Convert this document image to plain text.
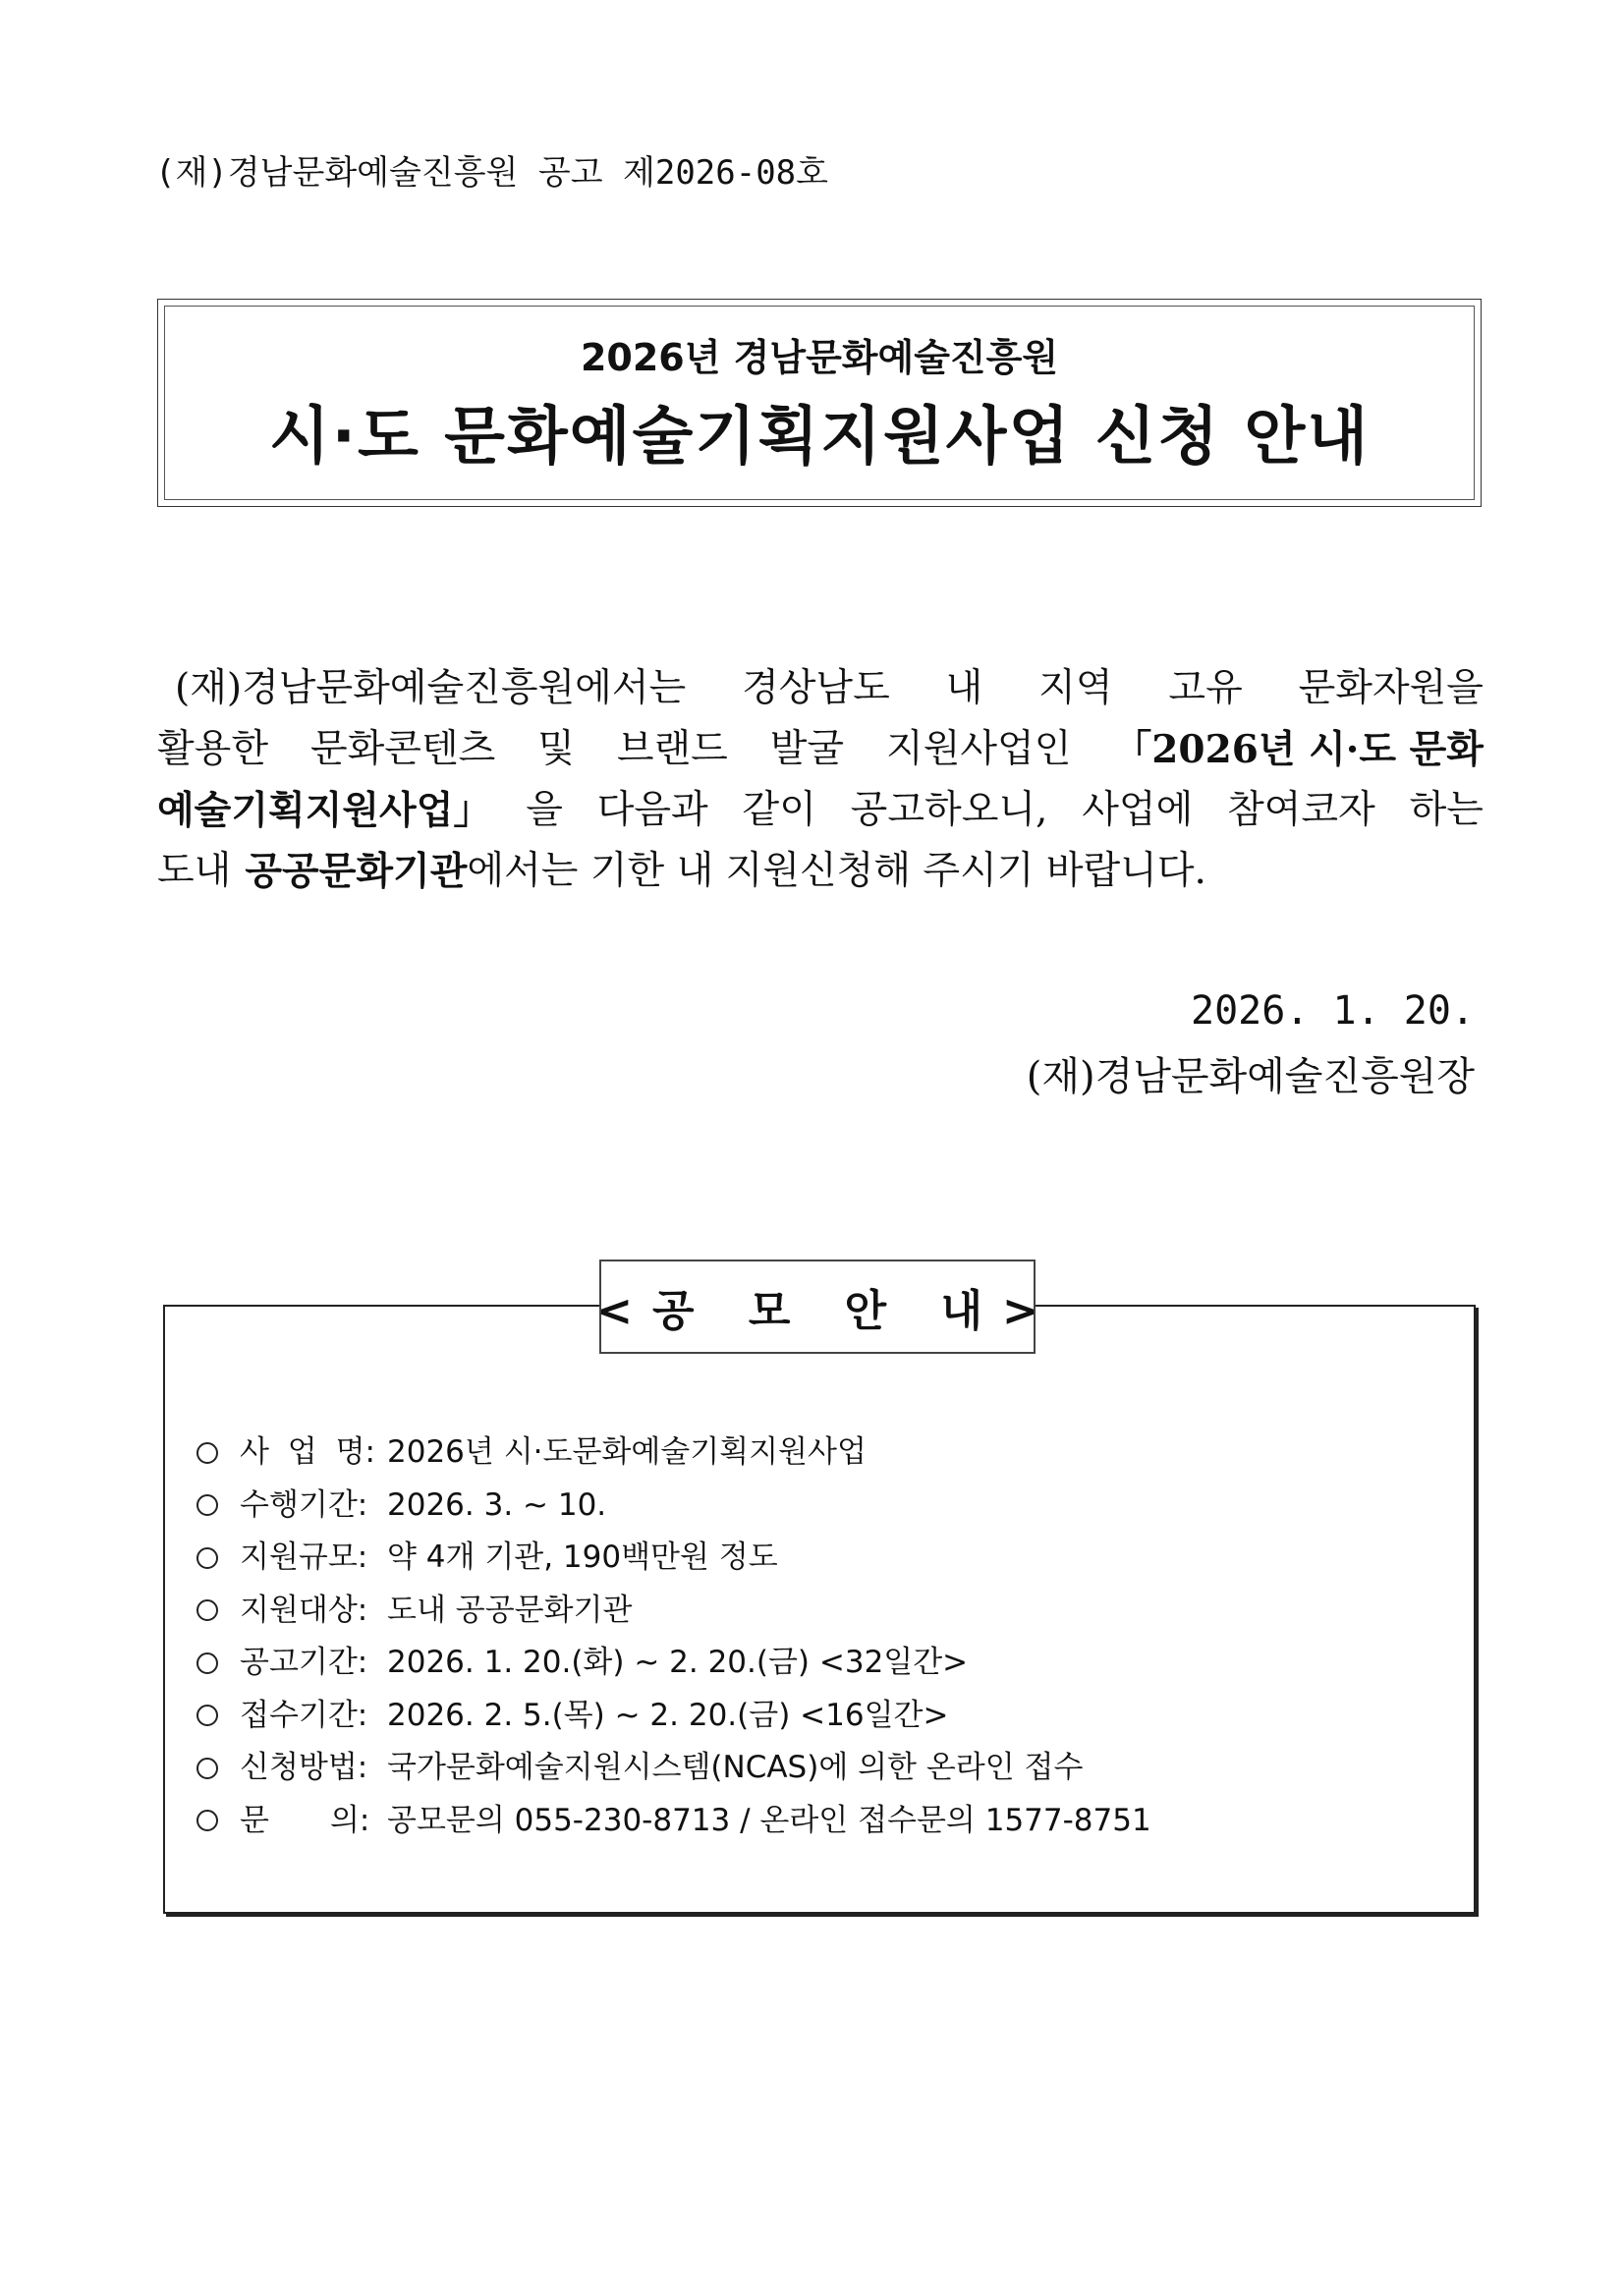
(재)경남문화예술진흥원 공고 제2026-08호
2026년 경남문화예술진흥원
시·도 문화예술기획지원사업 신청 안내
(재)경남문화예술진흥원에서는 경상남도 내 지역 고유 문화자원을
활용한 문화콘텐츠 및 브랜드 발굴 지원사업인 「2026년 시·도 문화
예술기획지원사업」 을 다음과 같이 공고하오니, 사업에 참여코자 하는
도내 공공문화기관 에서는 기한 내 지원신청해 주시기 바랍니다.
2026. 1. 20.
(재)경남문화예술진흥원장
<공 모 안 내>
사 업 명: 2026년 시·도문화예술기획지원사업
수행기간: 2026. 3. ~ 10.
지원규모: 약 4개 기관, 190백만원 정도
지원대상: 도내 공공문화기관
공고기간: 2026. 1. 20.(화) ~ 2. 20.(금) <32일간>
접수기간: 2026. 2. 5.(목) ~ 2. 20.(금) <16일간>
신청방법: 국가문화예술지원시스템(NCAS)에 의한 온라인 접수
문 의: 공모문의 055-230-8713 / 온라인 접수문의 1577-8751
